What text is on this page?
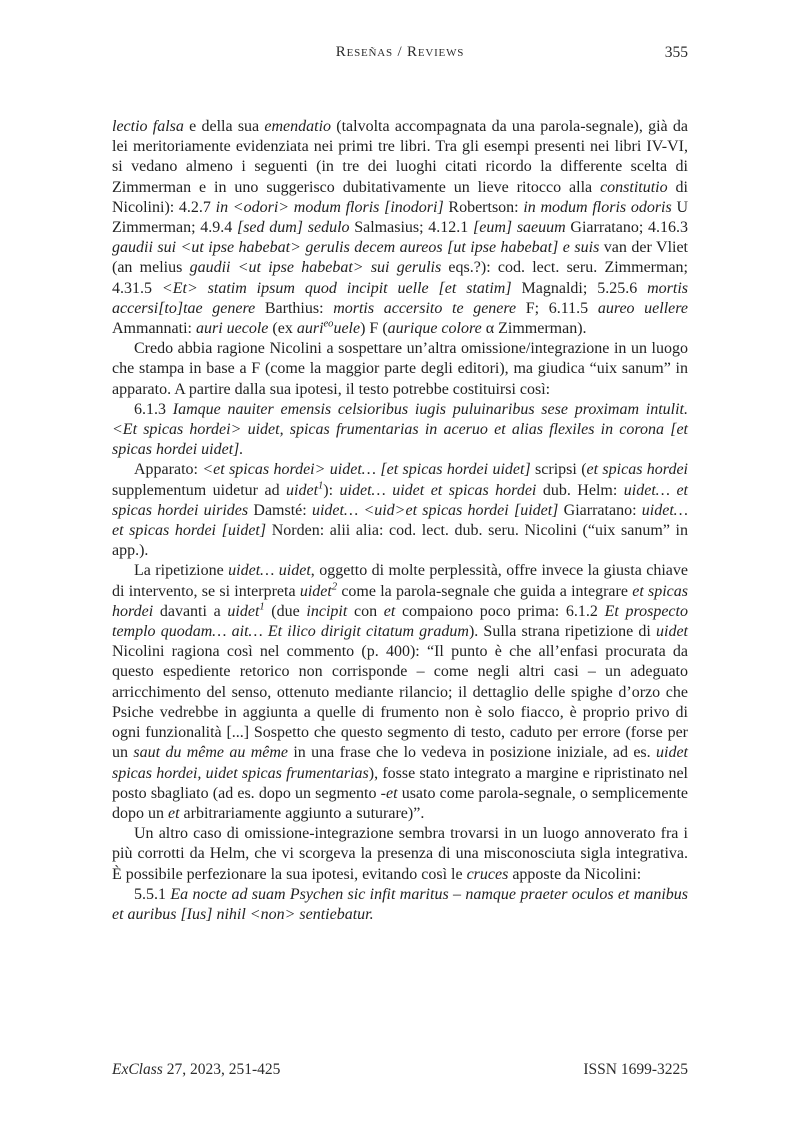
Reseñas / Reviews	355

lectio falsa e della sua emendatio (talvolta accompagnata da una parola-segnale), già da lei meritoriamente evidenziata nei primi tre libri. Tra gli esempi presenti nei libri IV-VI, si vedano almeno i seguenti (in tre dei luoghi citati ricordo la differente scelta di Zimmerman e in uno suggerisco dubitativamente un lieve ritocco alla constitutio di Nicolini): 4.2.7 in <odori> modum floris [inodori] Robertson: in modum floris odoris U Zimmerman; 4.9.4 [sed dum] sedulo Salmasius; 4.12.1 [eum] saeuum Giarratano; 4.16.3 gaudii sui <ut ipse habebat> gerulis decem aureos [ut ipse habebat] e suis van der Vliet (an melius gaudii <ut ipse habebat> sui gerulis eqs.?): cod. lect. seru. Zimmerman; 4.31.5 <Et> statim ipsum quod incipit uelle [et statim] Magnaldi; 5.25.6 mortis accersi[to]tae genere Barthius: mortis accersito te genere F; 6.11.5 aureo uellere Ammannati: auri uecole (ex auri$^{eo}$uele) F (aurique colore α Zimmerman).

Credo abbia ragione Nicolini a sospettare un’altra omissione/integrazione in un luogo che stampa in base a F (come la maggior parte degli editori), ma giudica “uix sanum” in apparato. A partire dalla sua ipotesi, il testo potrebbe costituirsi così:

6.1.3 Iamque nauiter emensis celsioribus iugis puluinaribus sese proximam intulit. <Et spicas hordei> uidet, spicas frumentarias in aceruo et alias flexiles in corona [et spicas hordei uidet].

Apparato: <et spicas hordei> uidet… [et spicas hordei uidet] scripsi (et spicas hordei supplementum uidetur ad uidet$^1$): uidet… uidet et spicas hordei dub. Helm: uidet… et spicas hordei uirides Damsté: uidet… <uid>et spicas hordei [uidet] Giarratano: uidet… et spicas hordei [uidet] Norden: alii alia: cod. lect. dub. seru. Nicolini (“uix sanum” in app.).

La ripetizione uidet… uidet, oggetto di molte perplessità, offre invece la giusta chiave di intervento, se si interpreta uidet$^2$ come la parola-segnale che guida a integrare et spicas hordei davanti a uidet$^1$ (due incipit con et compaiono poco prima: 6.1.2 Et prospecto templo quodam… ait… Et ilico dirigit citatum gradum). Sulla strana ripetizione di uidet Nicolini ragiona così nel commento (p. 400): “Il punto è che all’enfasi procurata da questo espediente retorico non corrisponde – come negli altri casi – un adeguato arricchimento del senso, ottenuto mediante rilancio; il dettaglio delle spighe d’orzo che Psiche vedrebbe in aggiunta a quelle di frumento non è solo fiacco, è proprio privo di ogni funzionalità [...] Sospetto che questo segmento di testo, caduto per errore (forse per un saut du même au même in una frase che lo vedeva in posizione iniziale, ad es. uidet spicas hordei, uidet spicas frumentarias), fosse stato integrato a margine e ripristinato nel posto sbagliato (ad es. dopo un segmento -et usato come parola-segnale, o semplicemente dopo un et arbitrariamente aggiunto a suturare)”.

Un altro caso di omissione-integrazione sembra trovarsi in un luogo annoverato fra i più corrotti da Helm, che vi scorgeva la presenza di una misconosciuta sigla integrativa. È possibile perfezionare la sua ipotesi, evitando così le cruces apposte da Nicolini:

5.5.1 Ea nocte ad suam Psychen sic infit maritus – namque praeter oculos et manibus et auribus [Ius] nihil <non> sentiebatur.

ExClass 27, 2023, 251-425	ISSN 1699-3225
